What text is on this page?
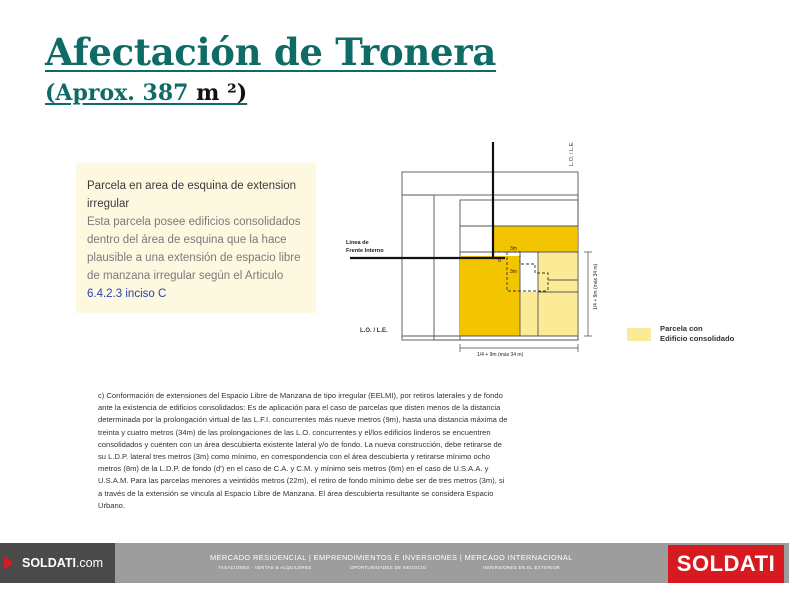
Afectación de Tronera
(Aprox. 387 m ²)
Parcela en area de esquina de extension irregular
Esta parcela posee edificios consolidados dentro del área de esquina que la hace plausible a una extensión de espacio libre de manzana irregular según el Articulo
6.4.2.3 inciso C
L.O. / L.E.
L.O. / L.E.
Linea de Frente Interno	3m
3m
d'
1/4 + 9m (máx 34 m)
1/4 + 9m (máx 34 m)
Parcela con Edificio consolidado
c) Conformación de extensiones del Espacio Libre de Manzana de tipo irregular (EELMI), por retiros laterales y de fondo ante la existencia de edificios consolidados: Es de aplicación para el caso de parcelas que disten menos de la distancia determinada por la prolongación virtual de las L.F.I. concurrentes más nueve metros (9m), hasta una distancia máxima de treinta y cuatro metros (34m) de las prolongaciones de las L.O. concurrentes y el/los edificios linderos se encuentren consolidados y cuenten con un área descubierta existente lateral y/o de fondo. La nueva construcción, debe retirarse de su L.D.P. lateral tres metros (3m) como mínimo, en correspondencia con el área descubierta y retirarse mínimo ocho metros (8m) de la L.D.P. de fondo (d') en el caso de C.A. y C.M. y mínimo seis metros (6m) en el caso de U.S.A.A. y U.S.A.M. Para las parcelas menores a veintidós metros (22m), el retiro de fondo mínimo debe ser de tres metros (3m), si a través de la extensión se vincula al Espacio Libre de Manzana. El área descubierta resultante se considera Espacio Urbano.
SOLDATI.com	MERCADO RESIDENCIAL | EMPRENDIMIENTOS E INVERSIONES | MERCADO INTERNACIONAL
TASACIONES · VENTAS & ALQUILERES	OPORTUNIDADES DE NEGOCIO	INVERSIONES EN EL EXTERIOR	SOLDATI
